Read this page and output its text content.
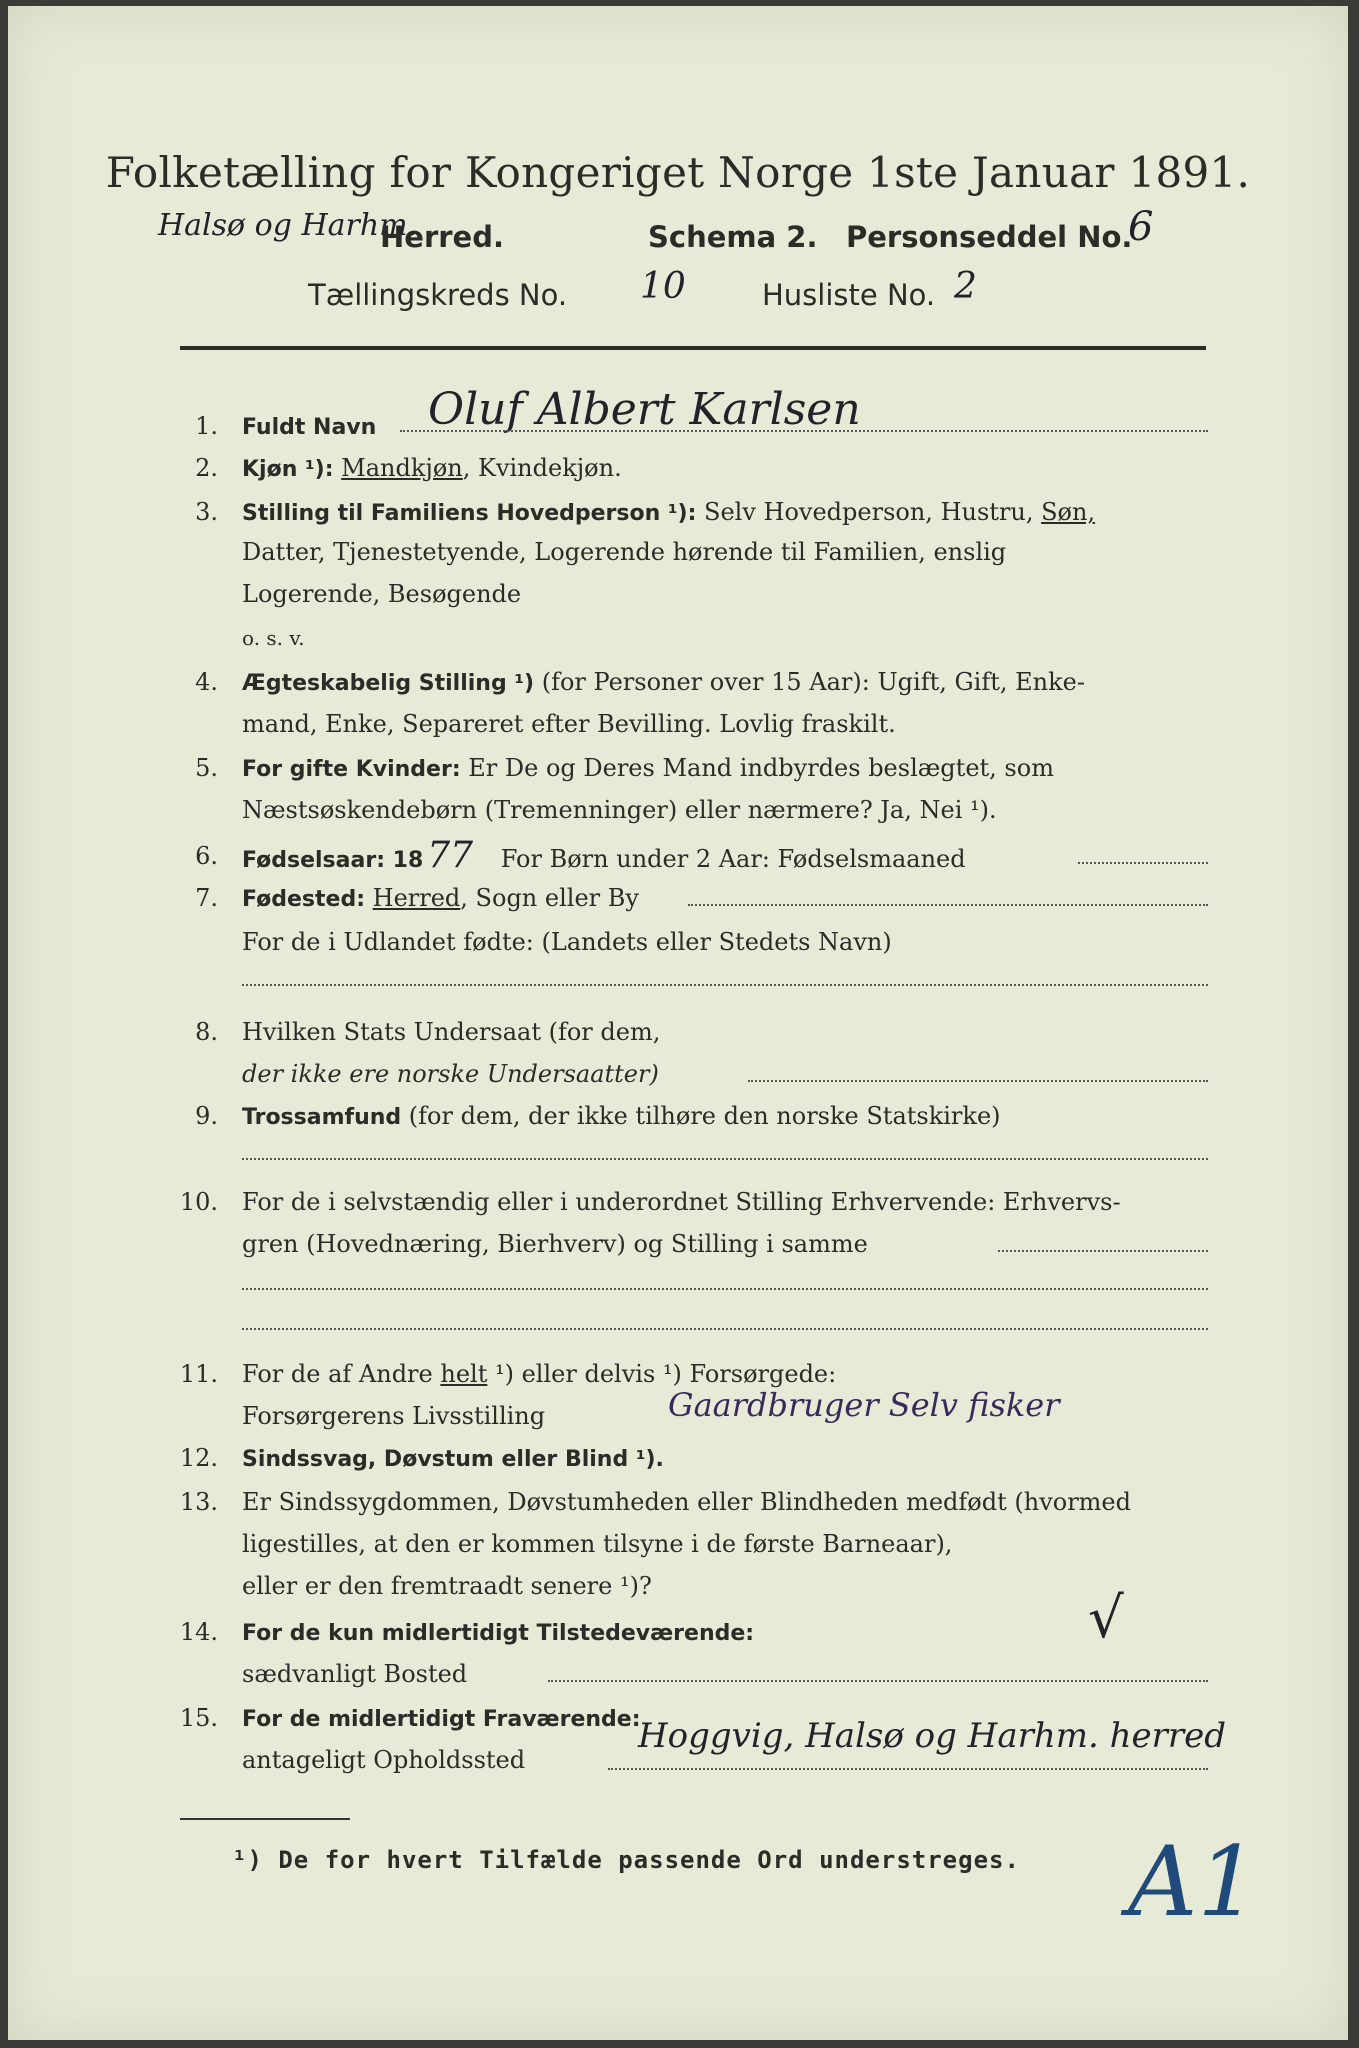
Folketælling for Kongeriget Norge 1ste Januar 1891.
Halsø og Harhm.
Herred.	Schema 2. Personseddel No.
6
Tællingskreds No. 10	Husliste No. 2
1. Fuldt Navn	Oluf Albert Karlsen
2. Kjøn ¹): Mandkjøn, Kvindekjøn.
3. Stilling til Familiens Hovedperson ¹): Selv Hovedperson, Hustru, Søn,
Datter, Tjenestetyende, Logerende hørende til Familien, enslig
Logerende, Besøgende
o. s. v.
4. Ægteskabelig Stilling ¹) (for Personer over 15 Aar): Ugift, Gift, Enke-
mand, Enke, Separeret efter Bevilling. Lovlig fraskilt.
5. For gifte Kvinder: Er De og Deres Mand indbyrdes beslægtet, som
Næstsøskendebørn (Tremenninger) eller nærmere? Ja, Nei ¹).
6. Fødselsaar: 18 77 For Børn under 2 Aar: Fødselsmaaned
7. Fødested: Herred, Sogn eller By
For de i Udlandet fødte: (Landets eller Stedets Navn)
8. Hvilken Stats Undersaat (for dem,
der ikke ere norske Undersaatter)
9. Trossamfund (for dem, der ikke tilhøre den norske Statskirke)
10. For de i selvstændig eller i underordnet Stilling Erhvervende: Erhvervs-
gren (Hovednæring, Bierhverv) og Stilling i samme
11. For de af Andre helt ¹) eller delvis ¹) Forsørgede:
Forsørgerens Livsstilling	Gaardbruger Selv fisker
12. Sindssvag, Døvstum eller Blind ¹).
13. Er Sindssygdommen, Døvstumheden eller Blindheden medfødt (hvormed
ligestilles, at den er kommen tilsyne i de første Barneaar),
eller er den fremtraadt senere ¹)?
14. For de kun midlertidigt Tilstedeværende:	√
sædvanligt Bosted
15. For de midlertidigt Fraværende:
antageligt Opholdssted
Hoggvig, Halsø og Harhm. herred
¹) De for hvert Tilfælde passende Ord understreges. A1
